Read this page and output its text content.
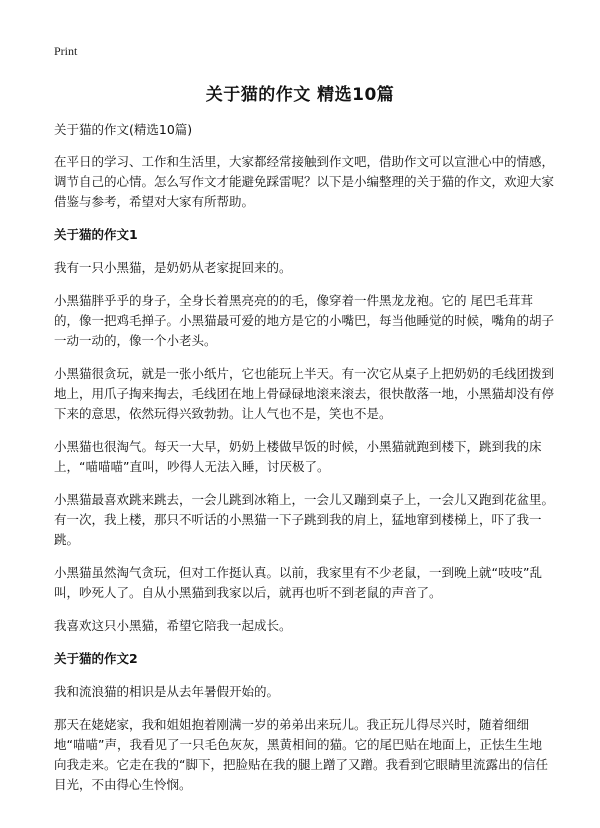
Print
关于猫的作文 精选10篇

关于猫的作文(精选10篇)

在平日的学习、工作和生活里，大家都经常接触到作文吧，借助作文可以宣泄心中的情感，调节自己的心情。怎么写作文才能避免踩雷呢？以下是小编整理的关于猫的作文，欢迎大家借鉴与参考，希望对大家有所帮助。

关于猫的作文1

我有一只小黑猫，是奶奶从老家捉回来的。

小黑猫胖乎乎的身子，全身长着黑亮亮的的毛，像穿着一件黑龙龙袍。它的 尾巴毛茸茸的，像一把鸡毛掸子。小黑猫最可爱的地方是它的小嘴巴，每当他睡觉的时候，嘴角的胡子一动一动的，像一个小老头。

小黑猫很贪玩，就是一张小纸片，它也能玩上半天。有一次它从桌子上把奶奶的毛线团拨到地上，用爪子掏来掏去，毛线团在地上骨碌碌地滚来滚去，很快散落一地，小黑猫却没有停下来的意思，依然玩得兴致勃勃。让人气也不是，笑也不是。

小黑猫也很淘气。每天一大早，奶奶上楼做早饭的时候，小黑猫就跑到楼下，跳到我的床上，“喵喵喵”直叫，吵得人无法入睡，讨厌极了。

小黑猫最喜欢跳来跳去，一会儿跳到冰箱上，一会儿又蹦到桌子上，一会儿又跑到花盆里。有一次，我上楼，那只不听话的小黑猫一下子跳到我的肩上，猛地窜到楼梯上，吓了我一跳。

小黑猫虽然淘气贪玩，但对工作挺认真。以前，我家里有不少老鼠，一到晚上就“吱吱”乱叫，吵死人了。自从小黑猫到我家以后，就再也听不到老鼠的声音了。

我喜欢这只小黑猫，希望它陪我一起成长。

关于猫的作文2

我和流浪猫的相识是从去年暑假开始的。

那天在姥姥家，我和姐姐抱着刚满一岁的弟弟出来玩儿。我正玩儿得尽兴时，随着细细地“喵喵”声，我看见了一只毛色灰灰，黑黄相间的猫。它的尾巴贴在地面上，正怯生生地向我走来。它走在我的“脚下，把脸贴在我的腿上蹭了又蹭。我看到它眼睛里流露出的信任目光，不由得心生怜悯。
